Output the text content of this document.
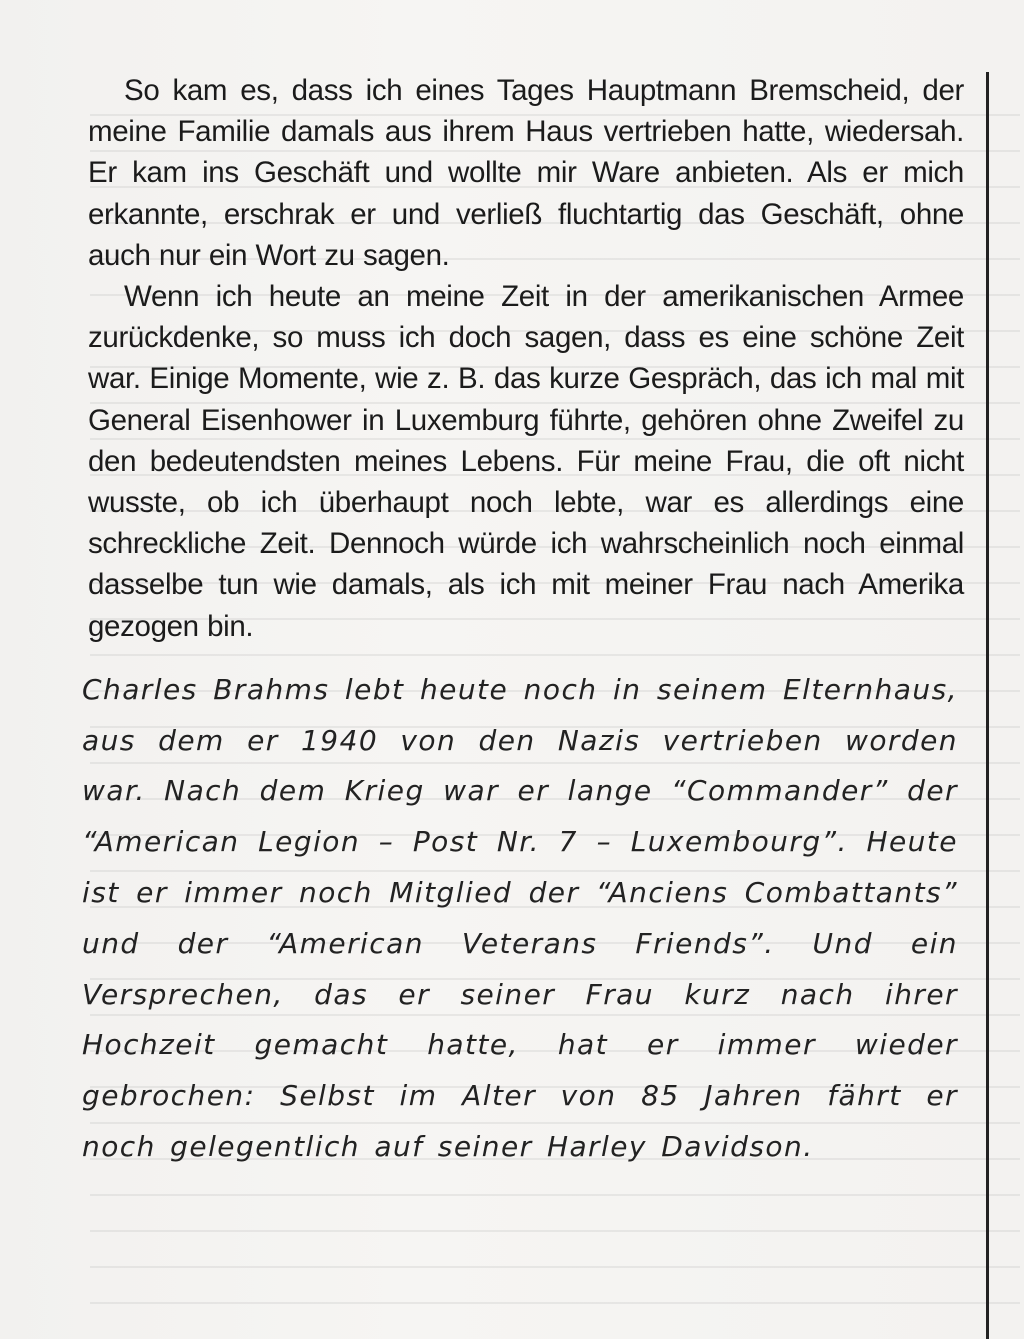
So kam es, dass ich eines Tages Hauptmann Bremscheid, der meine Familie damals aus ihrem Haus vertrieben hatte, wiedersah. Er kam ins Geschäft und wollte mir Ware anbieten. Als er mich erkannte, erschrak er und verließ fluchtartig das Geschäft, ohne auch nur ein Wort zu sagen.

Wenn ich heute an meine Zeit in der amerikanischen Armee zurückdenke, so muss ich doch sagen, dass es eine schöne Zeit war. Einige Momente, wie z. B. das kurze Gespräch, das ich mal mit General Eisenhower in Luxemburg führte, gehören ohne Zweifel zu den bedeutendsten meines Lebens. Für meine Frau, die oft nicht wusste, ob ich überhaupt noch lebte, war es allerdings eine schreckliche Zeit. Dennoch würde ich wahrscheinlich noch einmal dasselbe tun wie damals, als ich mit meiner Frau nach Amerika gezogen bin.

Charles Brahms lebt heute noch in seinem Elternhaus, aus dem er 1940 von den Nazis vertrieben worden war. Nach dem Krieg war er lange “Commander” der “American Legion – Post Nr. 7 – Luxembourg”. Heute ist er immer noch Mitglied der “Anciens Combattants” und der “American Veterans Friends”. Und ein Versprechen, das er seiner Frau kurz nach ihrer Hochzeit gemacht hatte, hat er immer wieder gebrochen: Selbst im Alter von 85 Jahren fährt er noch gelegentlich auf seiner Harley Davidson.
